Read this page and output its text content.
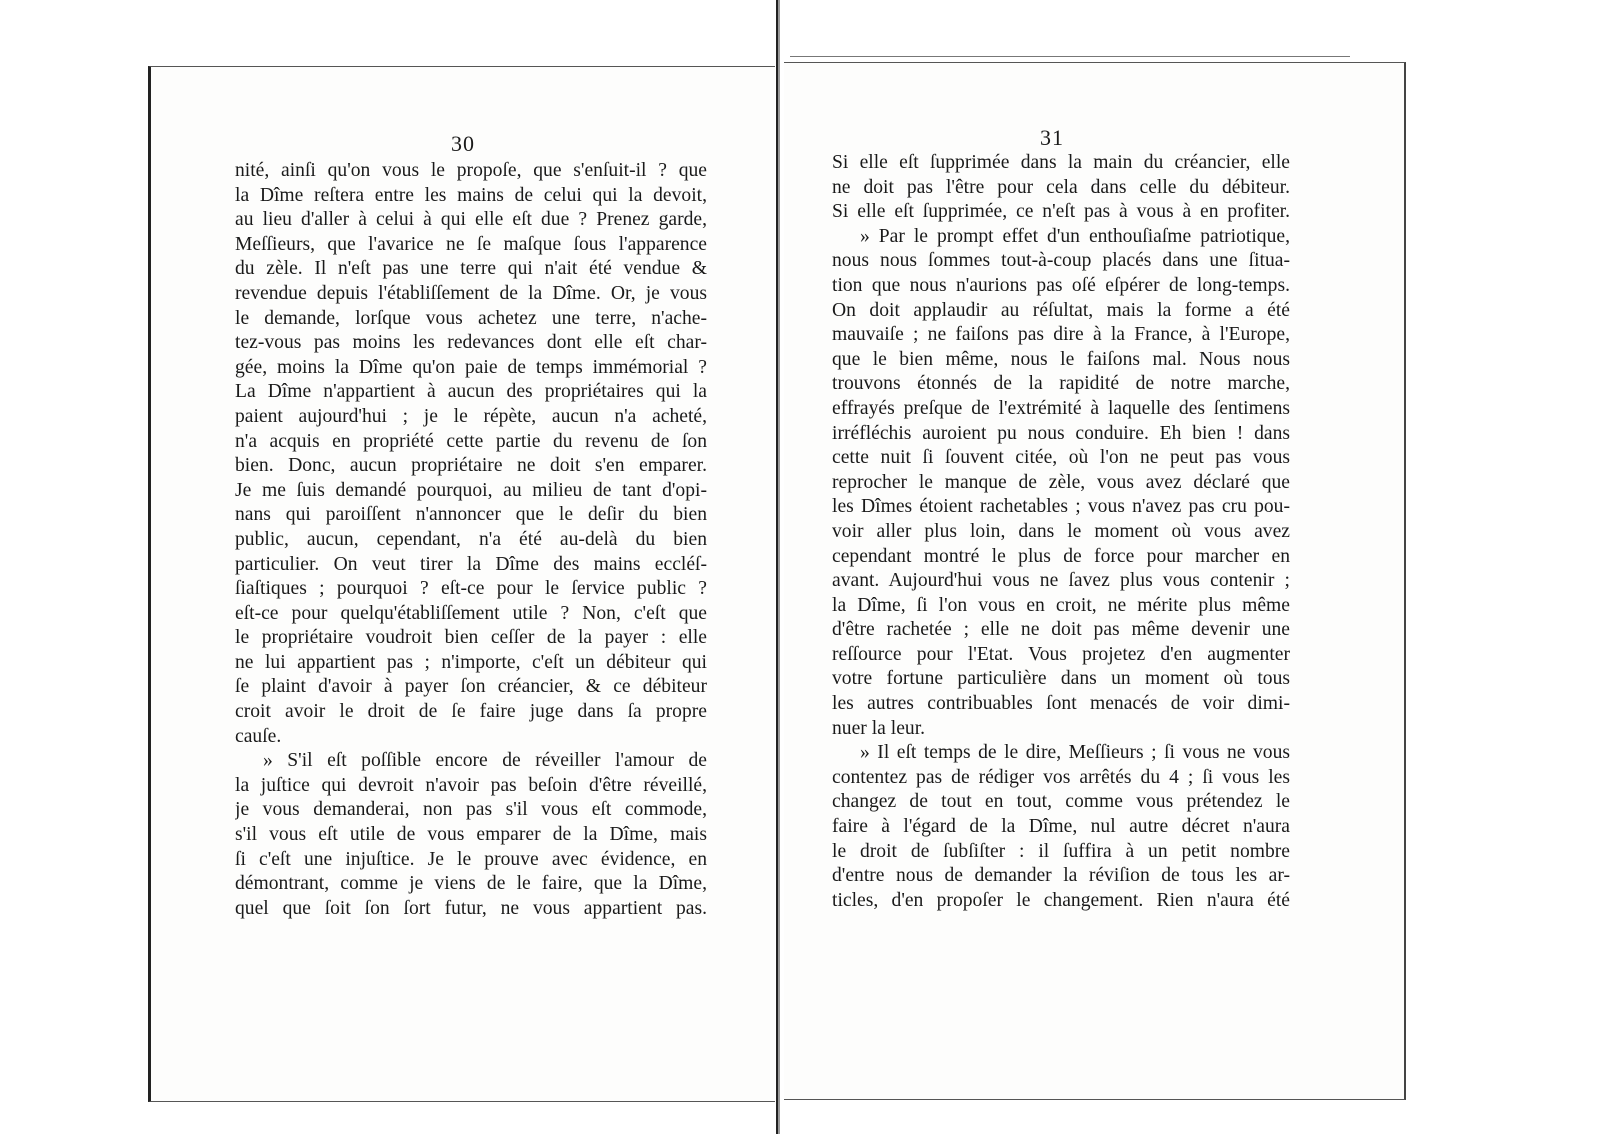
30
nité, ainſi qu'on vous le propoſe, que s'enſuit-il ? que
la Dîme reſtera entre les mains de celui qui la devoit,
au lieu d'aller à celui à qui elle eſt due ? Prenez garde,
Meſſieurs, que l'avarice ne ſe maſque ſous l'apparence
du zèle. Il n'eſt pas une terre qui n'ait été vendue &
revendue depuis l'établiſſement de la Dîme. Or, je vous
le demande, lorſque vous achetez une terre, n'ache-
tez-vous pas moins les redevances dont elle eſt char-
gée, moins la Dîme qu'on paie de temps immémorial ?
La Dîme n'appartient à aucun des propriétaires qui la
paient aujourd'hui ; je le répète, aucun n'a acheté,
n'a acquis en propriété cette partie du revenu de ſon
bien. Donc, aucun propriétaire ne doit s'en emparer.
Je me ſuis demandé pourquoi, au milieu de tant d'opi-
nans qui paroiſſent n'annoncer que le deſir du bien
public, aucun, cependant, n'a été au-delà du bien
particulier. On veut tirer la Dîme des mains eccléſ-
ſiaſtiques ; pourquoi ? eſt-ce pour le ſervice public ?
eſt-ce pour quelqu'établiſſement utile ? Non, c'eſt que
le propriétaire voudroit bien ceſſer de la payer : elle
ne lui appartient pas ; n'importe, c'eſt un débiteur qui
ſe plaint d'avoir à payer ſon créancier, & ce débiteur
croit avoir le droit de ſe faire juge dans ſa propre
cauſe.
» S'il eſt poſſible encore de réveiller l'amour de
la juſtice qui devroit n'avoir pas beſoin d'être réveillé,
je vous demanderai, non pas s'il vous eſt commode,
s'il vous eſt utile de vous emparer de la Dîme, mais
ſi c'eſt une injuſtice. Je le prouve avec évidence, en
démontrant, comme je viens de le faire, que la Dîme,
quel que ſoit ſon ſort futur, ne vous appartient pas.
31
Si elle eſt ſupprimée dans la main du créancier, elle
ne doit pas l'être pour cela dans celle du débiteur.
Si elle eſt ſupprimée, ce n'eſt pas à vous à en profiter.
» Par le prompt effet d'un enthouſiaſme patriotique,
nous nous ſommes tout-à-coup placés dans une ſitua-
tion que nous n'aurions pas oſé eſpérer de long-temps.
On doit applaudir au réſultat, mais la forme a été
mauvaiſe ; ne faiſons pas dire à la France, à l'Europe,
que le bien même, nous le faiſons mal. Nous nous
trouvons étonnés de la rapidité de notre marche,
effrayés preſque de l'extrémité à laquelle des ſentimens
irréfléchis auroient pu nous conduire. Eh bien ! dans
cette nuit ſi ſouvent citée, où l'on ne peut pas vous
reprocher le manque de zèle, vous avez déclaré que
les Dîmes étoient rachetables ; vous n'avez pas cru pou-
voir aller plus loin, dans le moment où vous avez
cependant montré le plus de force pour marcher en
avant. Aujourd'hui vous ne ſavez plus vous contenir ;
la Dîme, ſi l'on vous en croit, ne mérite plus même
d'être rachetée ; elle ne doit pas même devenir une
reſſource pour l'Etat. Vous projetez d'en augmenter
votre fortune particulière dans un moment où tous
les autres contribuables ſont menacés de voir dimi-
nuer la leur.
» Il eſt temps de le dire, Meſſieurs ; ſi vous ne vous
contentez pas de rédiger vos arrêtés du 4 ; ſi vous les
changez de tout en tout, comme vous prétendez le
faire à l'égard de la Dîme, nul autre décret n'aura
le droit de ſubſiſter : il ſuffira à un petit nombre
d'entre nous de demander la réviſion de tous les ar-
ticles, d'en propoſer le changement. Rien n'aura été
